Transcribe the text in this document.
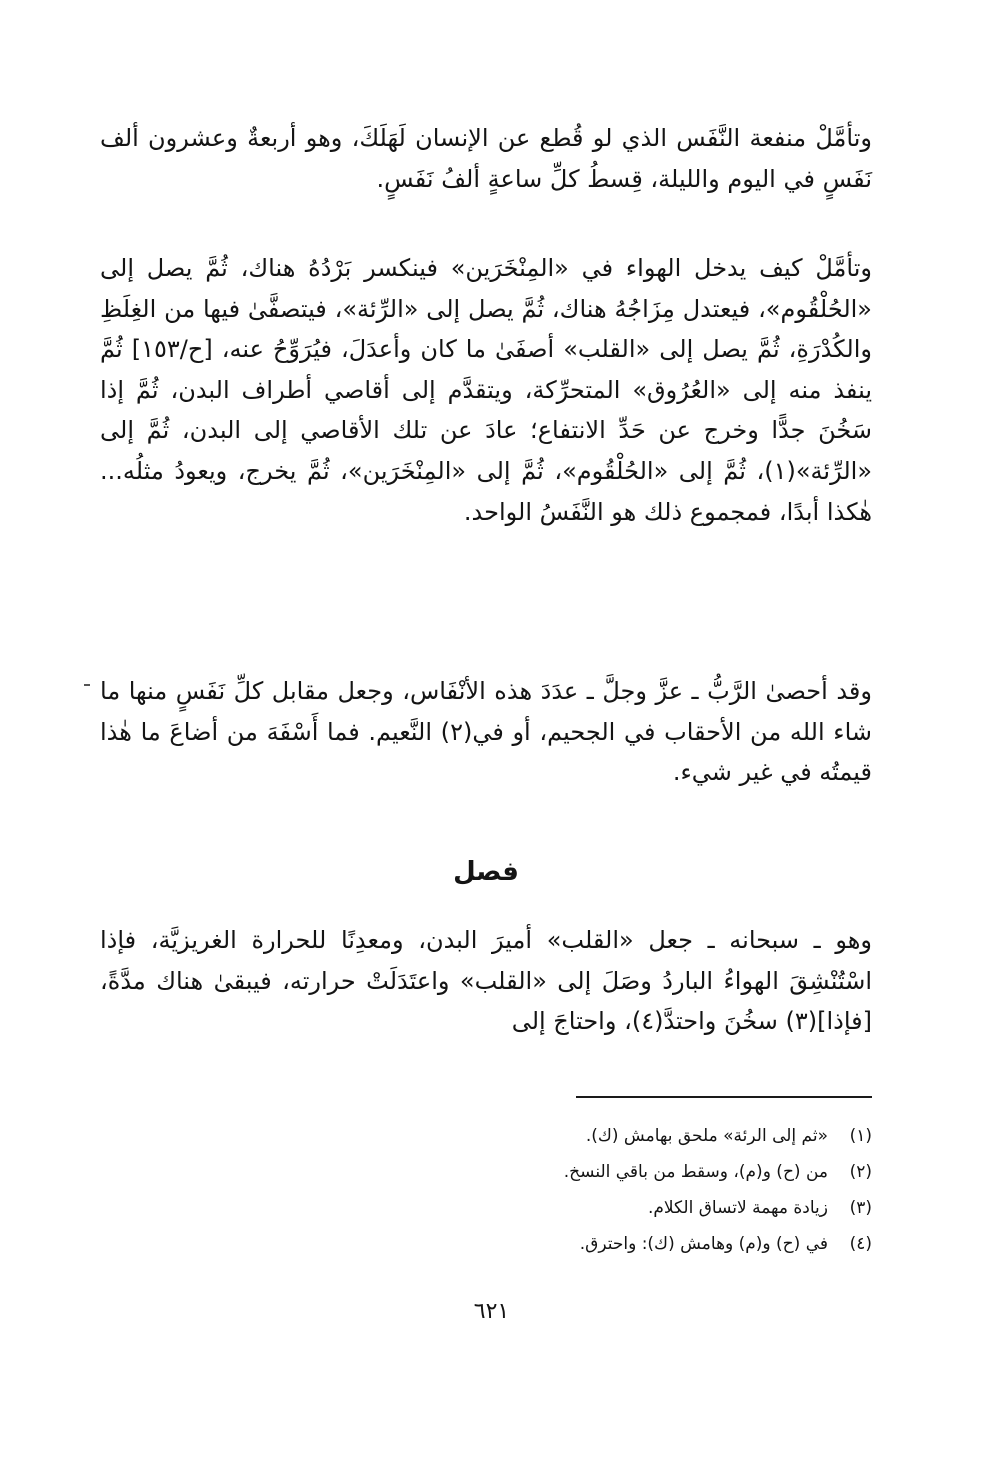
وتأمَّلْ منفعة النَّفَس الذي لو قُطع عن الإنسان لَهَلَكَ، وهو أربعةٌ وعشرون ألف نَفَسٍ في اليوم والليلة، قِسطُ كلِّ ساعةٍ ألفُ نَفَسٍ.

وتأمَّلْ كيف يدخل الهواء في «المِنْخَرَين» فينكسر بَرْدُهُ هناك، ثُمَّ يصل إلى «الحُلْقُوم»، فيعتدل مِزَاجُهُ هناك، ثُمَّ يصل إلى «الرِّئة»، فيتصفَّىٰ فيها من الغِلَظِ والكُدْرَةِ، ثُمَّ يصل إلى «القلب» أصفَىٰ ما كان وأعدَلَ، فيُرَوِّحُ عنه، [ح/١٥٣] ثُمَّ ينفذ منه إلى «العُرُوق» المتحرِّكة، ويتقدَّم إلى أقاصي أطراف البدن، ثُمَّ إذا سَخُنَ جدًّا وخرج عن حَدِّ الانتفاع؛ عادَ عن تلك الأقاصي إلى البدن، ثُمَّ إلى «الرِّئة»(١)، ثُمَّ إلى «الحُلْقُوم»، ثُمَّ إلى «المِنْخَرَين»، ثُمَّ يخرج، ويعودُ مثلُه... هٰكذا أبدًا، فمجموع ذلك هو النَّفَسُ الواحد.

وقد أحصىٰ الرَّبُّ ـ عزَّ وجلَّ ـ عدَدَ هذه الأنْفَاس، وجعل مقابل كلِّ نَفَسٍ منها ما شاء الله من الأحقاب في الجحيم، أو في(٢) النَّعيم. فما أَسْفَهَ من أضاعَ ما هٰذا قيمتُه في غير شيء.

فصل

وهو ـ سبحانه ـ جعل «القلب» أميرَ البدن، ومعدِنًا للحرارة الغريزيَّة، فإذا اسْتُنْشِقَ الهواءُ الباردُ وصَلَ إلى «القلب» واعتَدَلَتْ حرارته، فيبقىٰ هناك مدَّةً، [فإذا](٣) سخُنَ واحتدَّ(٤)، واحتاجَ إلى

(١)«ثم إلى الرئة» ملحق بهامش (ك).
(٢)من (ح) و(م)، وسقط من باقي النسخ.
(٣)زيادة مهمة لاتساق الكلام.
(٤)في (ح) و(م) وهامش (ك): واحترق.
٦٢١
